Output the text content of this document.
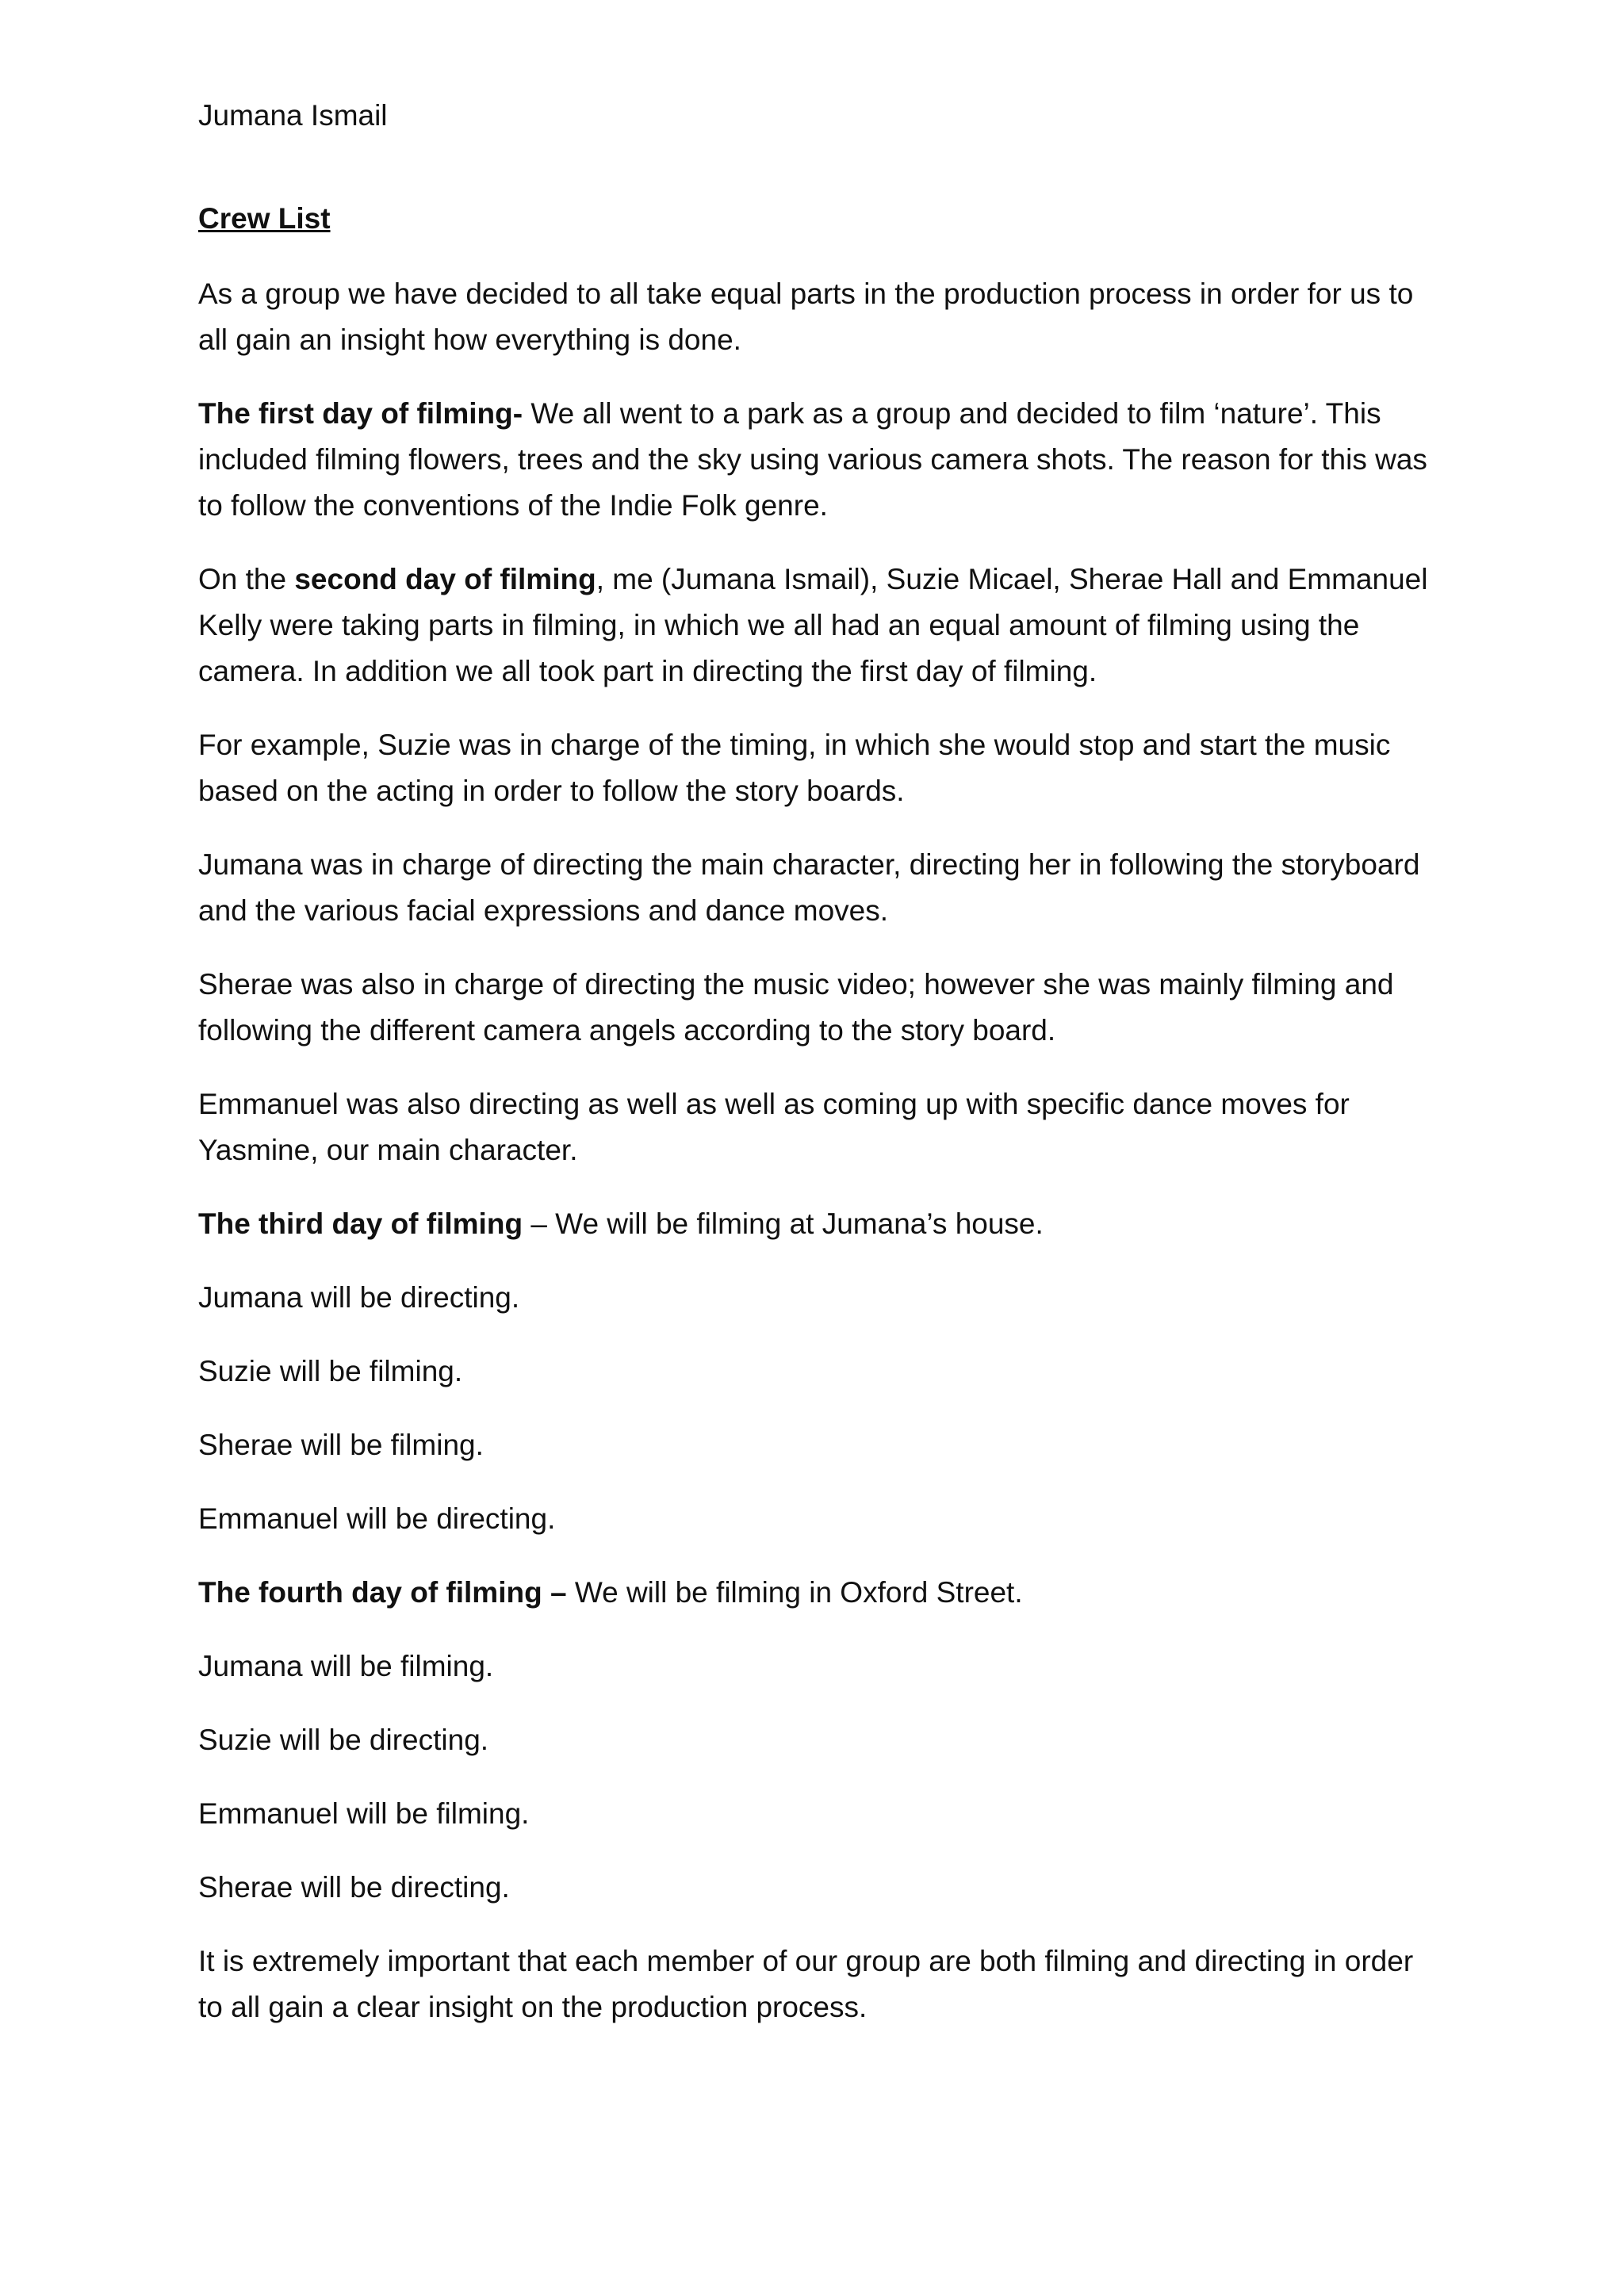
Jumana Ismail
Crew List

As a group we have decided to all take equal parts in the production process in order for us to all gain an insight how everything is done.

The first day of filming- We all went to a park as a group and decided to film ‘nature’. This included filming flowers, trees and the sky using various camera shots. The reason for this was to follow the conventions of the Indie Folk genre.

On the second day of filming, me (Jumana Ismail), Suzie Micael, Sherae Hall and Emmanuel Kelly were taking parts in filming, in which we all had an equal amount of filming using the camera. In addition we all took part in directing the first day of filming.

For example, Suzie was in charge of the timing, in which she would stop and start the music based on the acting in order to follow the story boards.

Jumana was in charge of directing the main character, directing her in following the storyboard and the various facial expressions and dance moves.

Sherae was also in charge of directing the music video; however she was mainly filming and following the different camera angels according to the story board.

Emmanuel was also directing as well as well as coming up with specific dance moves for Yasmine, our main character.

The third day of filming – We will be filming at Jumana’s house.

Jumana will be directing.

Suzie will be filming.

Sherae will be filming.

Emmanuel will be directing.

The fourth day of filming – We will be filming in Oxford Street.

Jumana will be filming.

Suzie will be directing.

Emmanuel will be filming.

Sherae will be directing.

It is extremely important that each member of our group are both filming and directing in order to all gain a clear insight on the production process.
